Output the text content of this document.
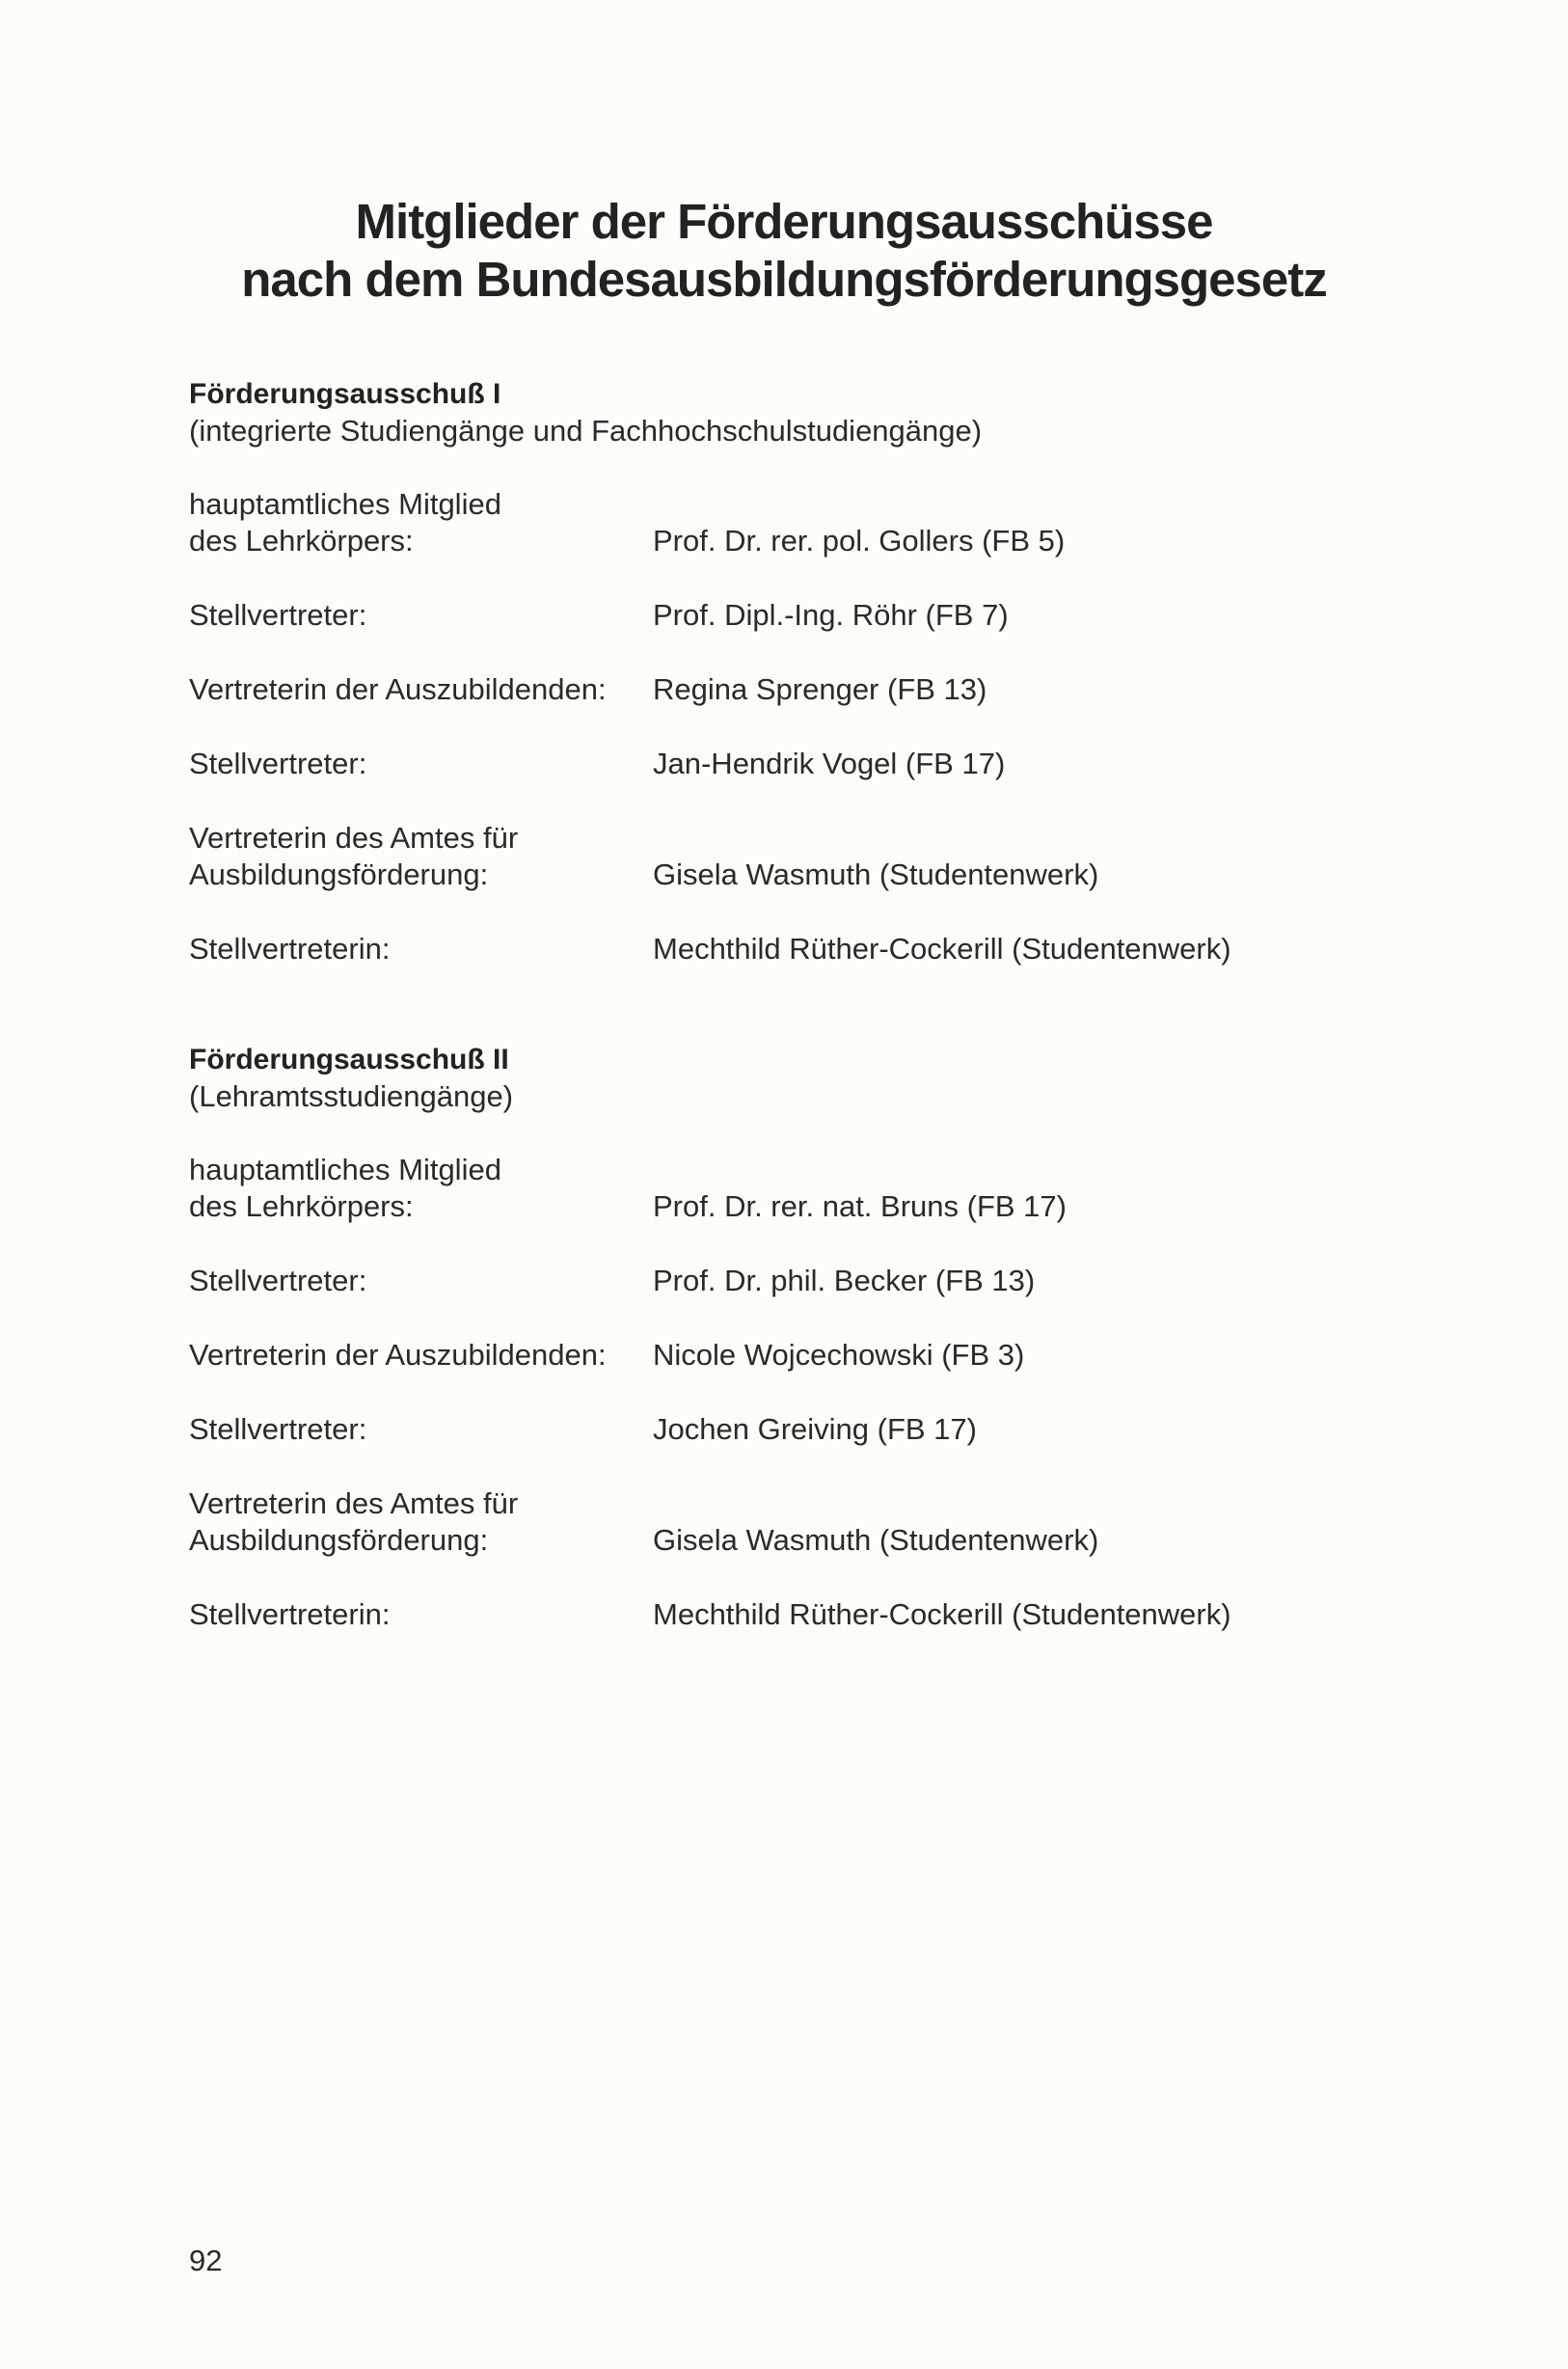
Mitglieder der Förderungsausschüsse
nach dem Bundesausbildungsförderungsgesetz
Förderungsausschuß I
(integrierte Studiengänge und Fachhochschulstudiengänge)
hauptamtliches Mitglied
des Lehrkörpers:	Prof. Dr. rer. pol. Gollers (FB 5)
Stellvertreter:	Prof. Dipl.-Ing. Röhr (FB 7)
Vertreterin der Auszubildenden:	Regina Sprenger (FB 13)
Stellvertreter:	Jan-Hendrik Vogel (FB 17)
Vertreterin des Amtes für
Ausbildungsförderung:	Gisela Wasmuth (Studentenwerk)
Stellvertreterin:	Mechthild Rüther-Cockerill (Studentenwerk)
Förderungsausschuß II
(Lehramtsstudiengänge)
hauptamtliches Mitglied
des Lehrkörpers:	Prof. Dr. rer. nat. Bruns (FB 17)
Stellvertreter:	Prof. Dr. phil. Becker (FB 13)
Vertreterin der Auszubildenden:	Nicole Wojcechowski (FB 3)
Stellvertreter:	Jochen Greiving (FB 17)
Vertreterin des Amtes für
Ausbildungsförderung:	Gisela Wasmuth (Studentenwerk)
Stellvertreterin:	Mechthild Rüther-Cockerill (Studentenwerk)
92
